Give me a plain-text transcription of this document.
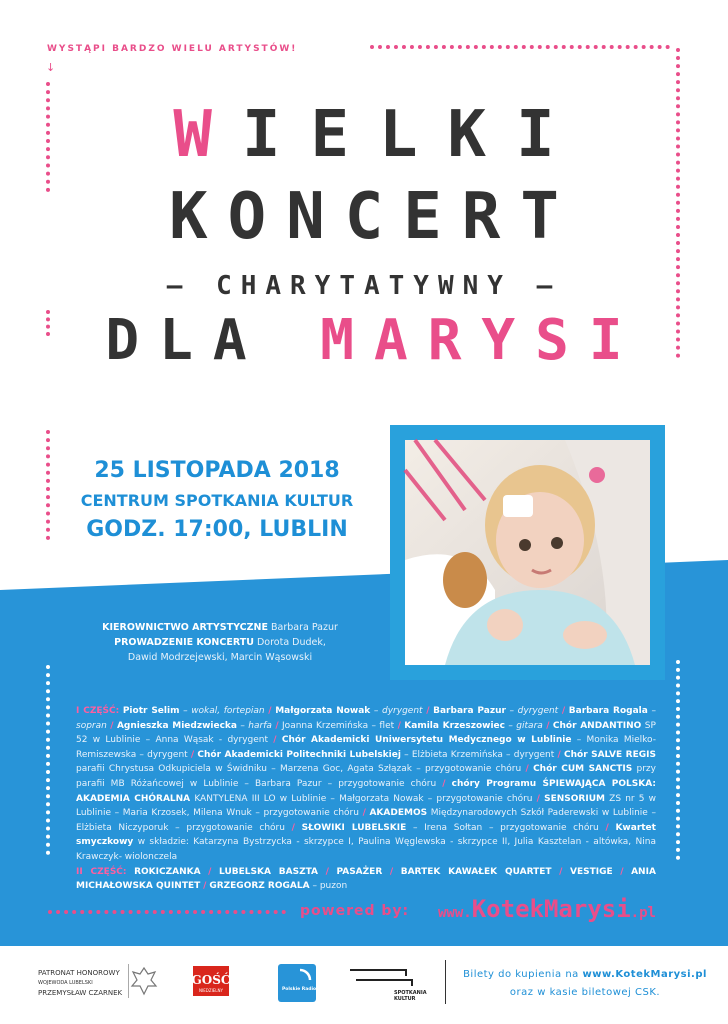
WYSTĄPI BARDZO WIELU ARTYSTÓW!
↓
WIELKI
KONCERT
— CHARYTATYWNY —
DLA MARYSI
25 LISTOPADA 2018
CENTRUM SPOTKANIA KULTUR
GODZ. 17:00, LUBLIN
KIEROWNICTWO ARTYSTYCZNE Barbara Pazur
PROWADZENIE KONCERTU Dorota Dudek,
Dawid Modrzejewski, Marcin Wąsowski
I CZĘŚĆ: Piotr Selim – wokal, fortepian / Małgorzata Nowak – dyrygent / Barbara Pazur – dyrygent / Barbara Rogala – sopran / Agnieszka Miedzwiecka – harfa / Joanna Krzemińska – flet / Kamila Krzeszowiec – gitara / Chór ANDANTINO SP 52 w Lublinie – Anna Wąsak - dyrygent / Chór Akademicki Uniwersytetu Medycznego w Lublinie – Monika Mielko-Remiszewska – dyrygent / Chór Akademicki Politechniki Lubelskiej – Elżbieta Krzemińska – dyrygent / Chór SALVE REGIS parafii Chrystusa Odkupiciela w Świdniku – Marzena Goc, Agata Szłązak – przygotowanie chóru / Chór CUM SANCTIS przy parafii MB Różańcowej w Lublinie – Barbara Pazur – przygotowanie chóru / chóry Programu ŚPIEWAJĄCA POLSKA: AKADEMIA CHÓRALNA KANTYLENA III LO w Lublinie – Małgorzata Nowak – przygotowanie chóru / SENSORIUM ZS nr 5 w Lublinie – Maria Krzosek, Milena Wnuk – przygotowanie chóru / AKADEMOS Międzynarodowych Szkół Paderewski w Lublinie – Elżbieta Niczyporuk – przygotowanie chóru / SŁOWIKI LUBELSKIE – Irena Sołtan – przygotowanie chóru / Kwartet smyczkowy w składzie: Katarzyna Bystrzycka - skrzypce I, Paulina Węglewska - skrzypce II, Julia Kasztelan - altówka, Nina Krawczyk- wiolonczela
II CZĘŚĆ: ROKICZANKA / LUBELSKA BASZTA / PASAŻER / BARTEK KAWAŁEK QUARTET / VESTIGE / ANIA MICHAŁOWSKA QUINTET / GRZEGORZ ROGALA – puzon
powered by: www.KotekMarysi.pl
PATRONAT HONOROWY
WOJEWODA LUBELSKI
PRZEMYSŁAW CZARNEK
GOŚĆ
NIEDZIELNY	Polskie Radio Lublin
SPOTKANIA
KULTUR
Bilety do kupienia na www.KotekMarysi.pl
oraz w kasie biletowej CSK.
